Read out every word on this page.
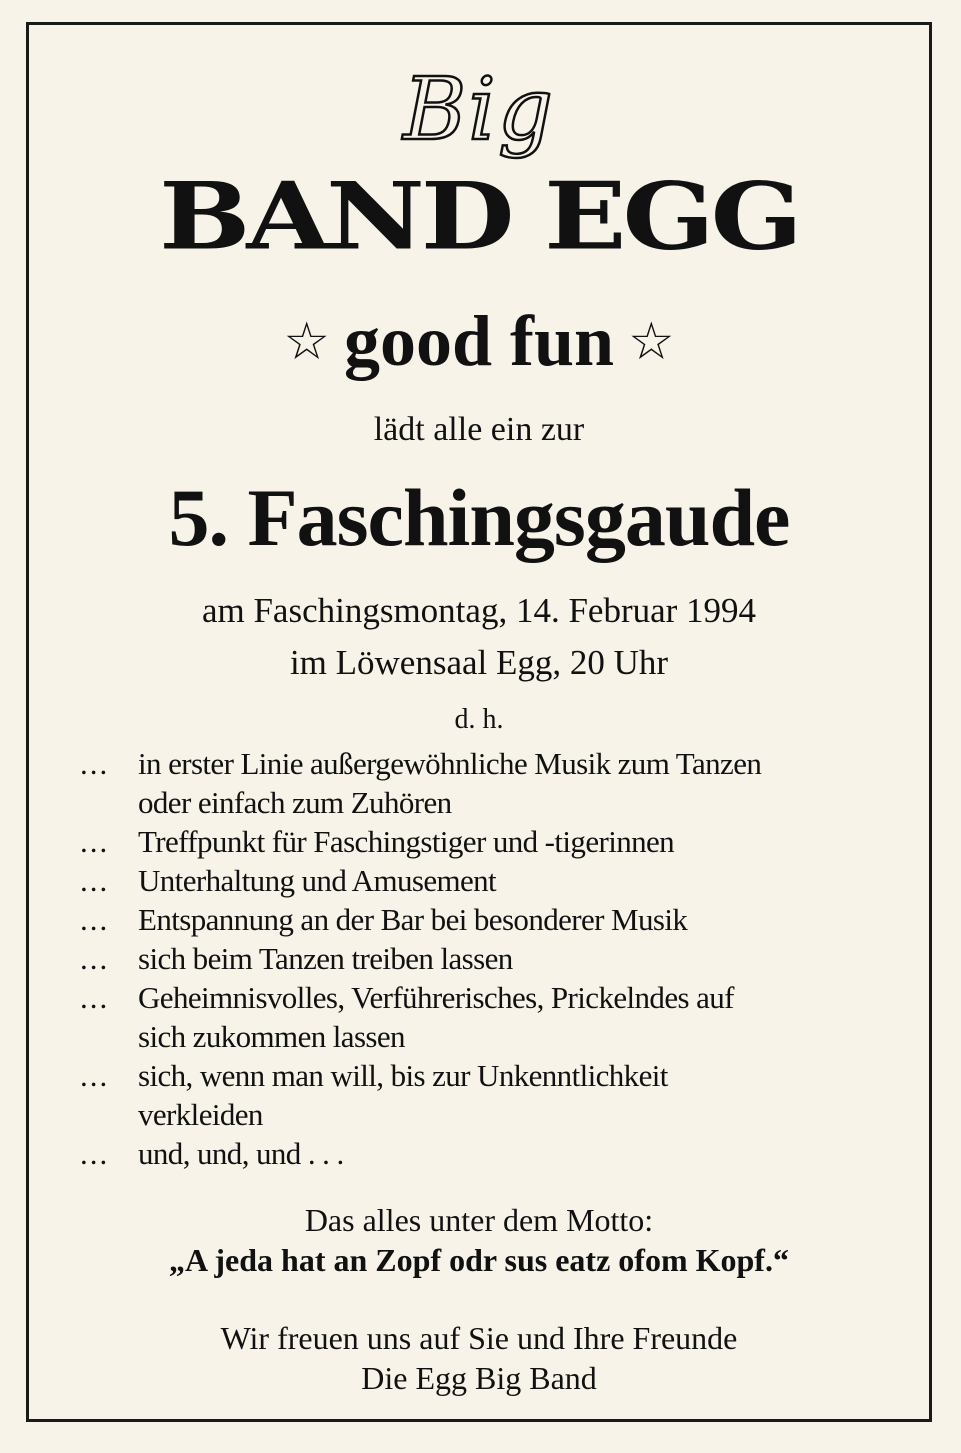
Big
BAND EGG
☆ good fun ☆
lädt alle ein zur
5. Faschingsgaude
am Faschingsmontag, 14. Februar 1994
im Löwensaal Egg, 20 Uhr
d. h.
... in erster Linie außergewöhnliche Musik zum Tanzen
oder einfach zum Zuhören
... Treffpunkt für Faschingstiger und -tigerinnen
... Unterhaltung und Amusement
... Entspannung an der Bar bei besonderer Musik
... sich beim Tanzen treiben lassen
... Geheimnisvolles, Verführerisches, Prickelndes auf
sich zukommen lassen
... sich, wenn man will, bis zur Unkenntlichkeit
verkleiden
... und, und, und . . .
Das alles unter dem Motto:
„A jeda hat an Zopf odr sus eatz ofom Kopf.“
Wir freuen uns auf Sie und Ihre Freunde
Die Egg Big Band
